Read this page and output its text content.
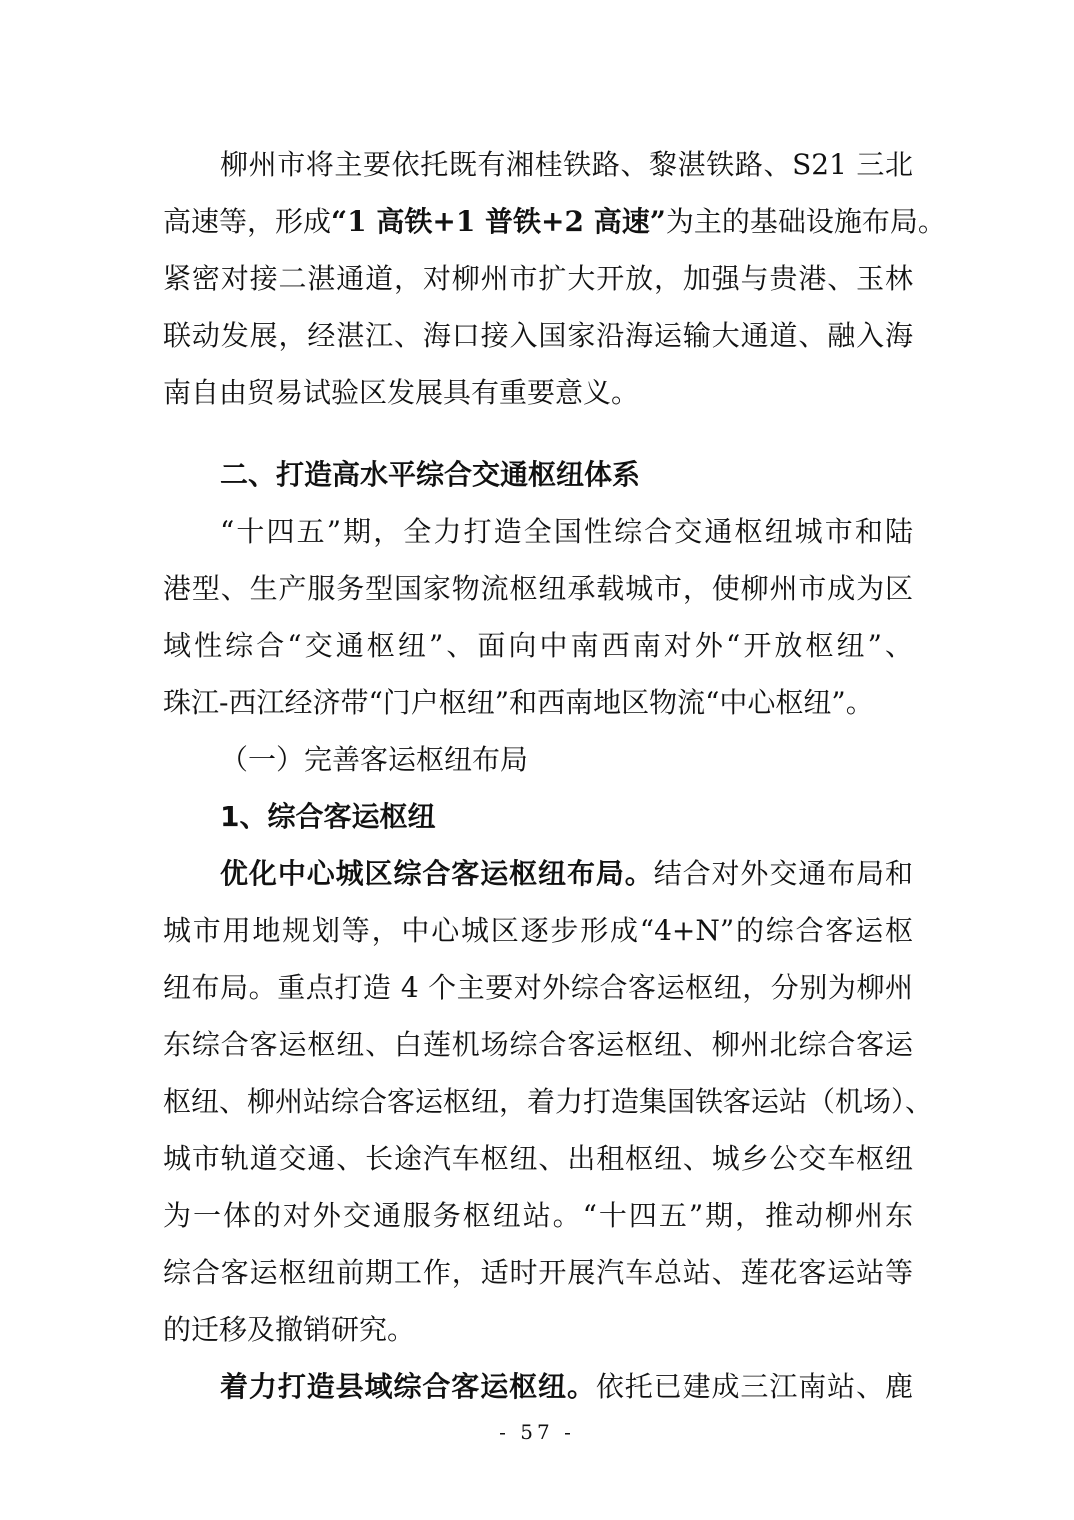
柳州市将主要依托既有湘桂铁路、黎湛铁路、S21 三北
高速等，形成“1 高铁+1 普铁+2 高速”为主的基础设施布局。
紧密对接二湛通道，对柳州市扩大开放，加强与贵港、玉林
联动发展，经湛江、海口接入国家沿海运输大通道、融入海
南自由贸易试验区发展具有重要意义。
二、打造高水平综合交通枢纽体系
“十四五”期，全力打造全国性综合交通枢纽城市和陆
港型、生产服务型国家物流枢纽承载城市，使柳州市成为区
域性综合“交通枢纽”、面向中南西南对外“开放枢纽”、
珠江-西江经济带“门户枢纽”和西南地区物流“中心枢纽”。
（一）完善客运枢纽布局
1、综合客运枢纽
优化中心城区综合客运枢纽布局。结合对外交通布局和
城市用地规划等，中心城区逐步形成“4+N”的综合客运枢
纽布局。重点打造 4 个主要对外综合客运枢纽，分别为柳州
东综合客运枢纽、白莲机场综合客运枢纽、柳州北综合客运
枢纽、柳州站综合客运枢纽，着力打造集国铁客运站（机场）、
城市轨道交通、长途汽车枢纽、出租枢纽、城乡公交车枢纽
为一体的对外交通服务枢纽站。“十四五”期，推动柳州东
综合客运枢纽前期工作，适时开展汽车总站、莲花客运站等
的迁移及撤销研究。
着力打造县域综合客运枢纽。依托已建成三江南站、鹿
- 57 -
